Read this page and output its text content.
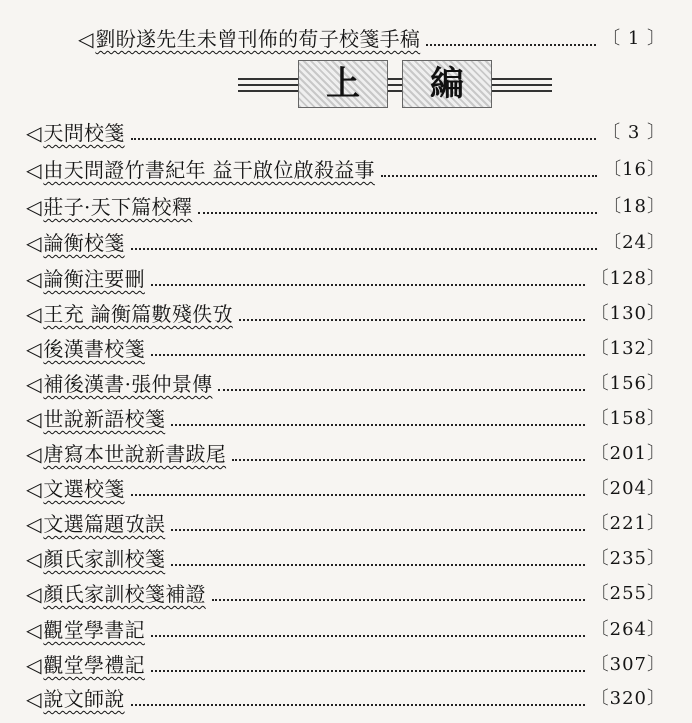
◁ 劉盼遂先生未曾刊佈的荀子校箋手稿	〔 1 〕
上 編
◁ 天問校箋	〔 3 〕
◁ 由天問證竹書紀年 益干啟位啟殺益事	〔16〕
◁ 莊子·天下篇校釋	〔18〕
◁ 論衡校箋	〔24〕
◁ 論衡注要刪	〔128〕
◁ 王充 論衡篇數殘佚攷	〔130〕
◁ 後漢書校箋	〔132〕
◁ 補後漢書·張仲景傳	〔156〕
◁ 世說新語校箋	〔158〕
◁ 唐寫本世說新書跋尾	〔201〕
◁ 文選校箋	〔204〕
◁ 文選篇題攷誤	〔221〕
◁ 顏氏家訓校箋	〔235〕
◁ 顏氏家訓校箋補證	〔255〕
◁ 觀堂學書記	〔264〕
◁ 觀堂學禮記	〔307〕
◁ 說文師說	〔320〕
